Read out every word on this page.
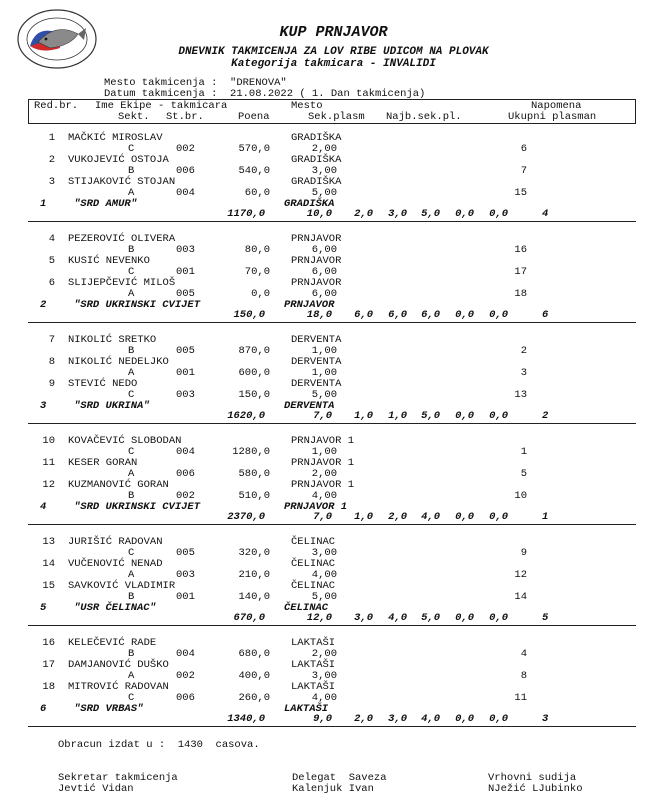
KUP PRNJAVOR
DNEVNIK TAKMICENJA ZA LOV RIBE UDICOM NA PLOVAK
Kategorija takmicara - INVALIDI
Mesto takmicenja :  "DRENOVA"
Datum takmicenja :  21.08.2022 ( 1. Dan takmicenja)
Red.br. Ime Ekipe - takmicara	Mesto	Napomena
Sekt. St.br.	Poena	Sek.plasm Najb.sek.pl.	Ukupni plasman
1 MAČKIĆ MIROSLAV	GRADIŠKA
C	002	570,0	2,00	6
2 VUKOJEVIĆ OSTOJA	GRADIŠKA
B	006	540,0	3,00	7
3 STIJAKOVIĆ STOJAN	GRADIŠKA
A	004	60,0	5,00	15
1	"SRD AMUR"	GRADIŠKA
1170,0	10,0 2,0 3,0 5,0 0,0 0,0	4
4 PEZEROVIĆ OLIVERA	PRNJAVOR
B	003	80,0	6,00	16
5 KUSIĆ NEVENKO	PRNJAVOR
C	001	70,0	6,00	17
6 SLIJEPČEVIĆ MILOŠ	PRNJAVOR
A	005	0,0	6,00	18
2	"SRD UKRINSKI CVIJET	PRNJAVOR
150,0	18,0 6,0 6,0 6,0 0,0 0,0	6
7 NIKOLIĆ SRETKO	DERVENTA
B	005	870,0	1,00	2
8 NIKOLIĆ NEDELJKO	DERVENTA
A	001	600,0	1,00	3
9 STEVIĆ NEDO	DERVENTA
C	003	150,0	5,00	13
3	"SRD UKRINA"	DERVENTA
1620,0	7,0 1,0 1,0 5,0 0,0 0,0	2
10 KOVAČEVIĆ SLOBODAN	PRNJAVOR 1
C	004	1280,0	1,00	1
11 KESER GORAN	PRNJAVOR 1
A	006	580,0	2,00	5
12 KUZMANOVIĆ GORAN	PRNJAVOR 1
B	002	510,0	4,00	10
4	"SRD UKRINSKI CVIJET	PRNJAVOR 1
2370,0	7,0 1,0 2,0 4,0 0,0 0,0	1
13 JURIŠIĆ RADOVAN	ČELINAC
C	005	320,0	3,00	9
14 VUČENOVIĆ NENAD	ČELINAC
A	003	210,0	4,00	12
15 SAVKOVIĆ VLADIMIR	ČELINAC
B	001	140,0	5,00	14
5	"USR ČELINAC"	ČELINAC
670,0	12,0 3,0 4,0 5,0 0,0 0,0	5
16 KELEČEVIĆ RADE	LAKTAŠI
B	004	680,0	2,00	4
17 DAMJANOVIĆ DUŠKO	LAKTAŠI
A	002	400,0	3,00	8
18 MITROVIĆ RADOVAN	LAKTAŠI
C	006	260,0	4,00	11
6	"SRD VRBAS"	LAKTAŠI
1340,0	9,0 2,0 3,0 4,0 0,0 0,0	3
Obracun izdat u :  1430  casova.
Sekretar takmicenja
Jevtić Vidan
Delegat  Saveza
Kalenjuk Ivan
Vrhovni sudija
NJežić LJubinko
